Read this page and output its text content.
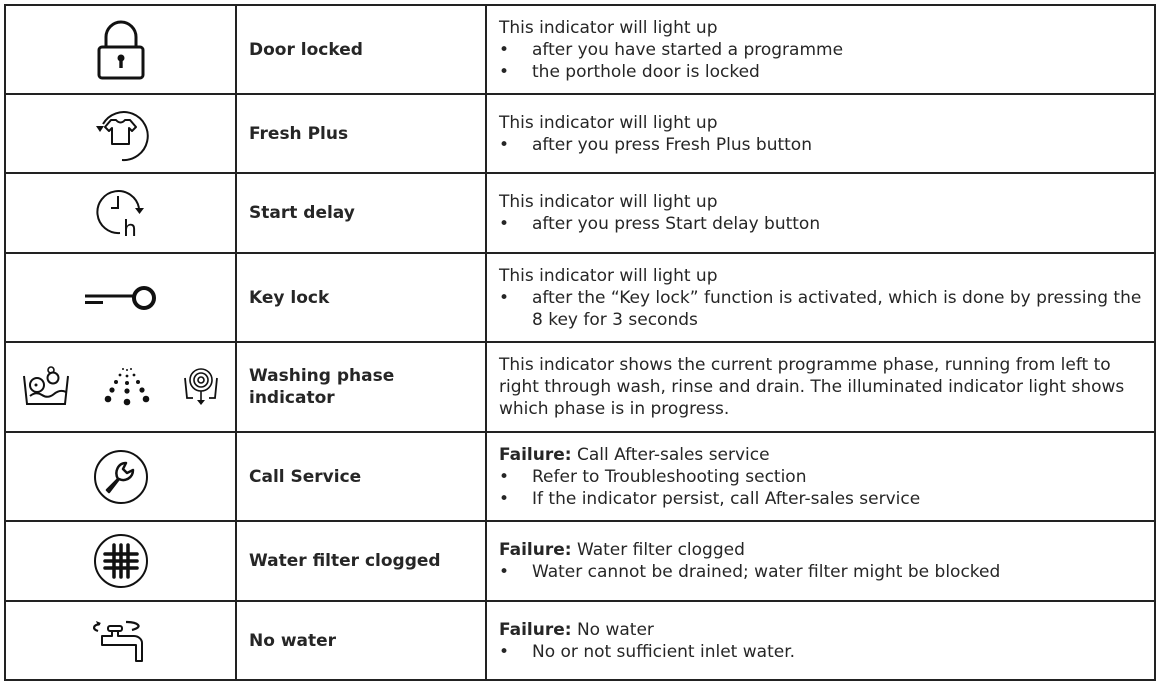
	Door locked	This indicator will light up
• after you have started a programme
• the porthole door is locked

	Fresh Plus	This indicator will light up
• after you press Fresh Plus button

h	Start delay	This indicator will light up
• after you press Start delay button

	Key lock	This indicator will light up
• after the “Key lock” function is activated, which is done by pressing the 8 key for 3 seconds

	Washing phase indicator	This indicator shows the current programme phase, running from left to right through wash, rinse and drain. The illuminated indicator light shows which phase is in progress.
	Call Service	Failure: Call After-sales service
• Refer to Troubleshooting section
• If the indicator persist, call After-sales service

	Water filter clogged	Failure: Water filter clogged
• Water cannot be drained; water filter might be blocked

	No water	Failure: No water
• No or not sufficient inlet water.
